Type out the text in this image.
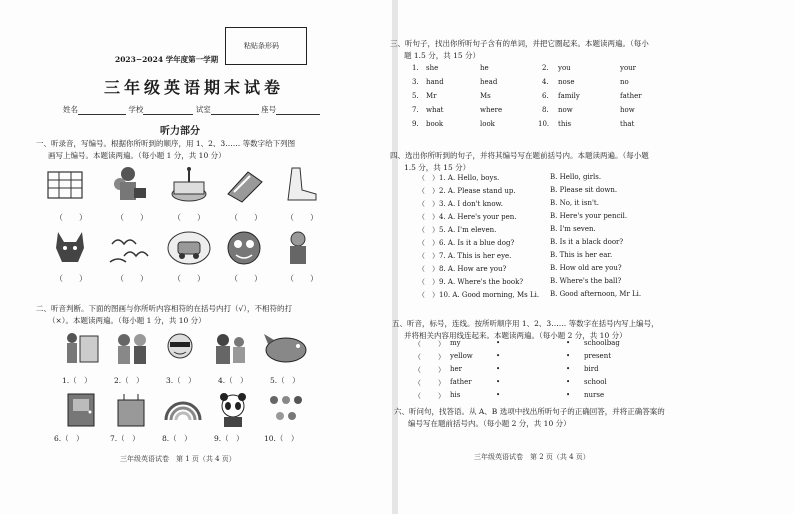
粘贴条形码
2023−2024 学年度第一学期
三年级英语期末试卷
姓名	学校	试室	座号
听力部分
一、听录音，写编号。根据你所听到的顺序，用 1、2、3…… 等数字给下列图
画写上编号。本题读两遍。（每小题 1 分，共 10 分）
（　　）	（　　）	（　　）	（　　）	（　　）
（　　）	（　　）	（　　）	（　　）	（　　）
二、听音判断。下面的图画与你所听内容相符的在括号内打（√），不相符的打
（×）。本题读两遍。（每小题 1 分，共 10 分）
1.（　）	2.（　）	3.（　）	4.（　）	5.（　）
6.（　）	7.（　）	8.（　）	9.（　）	10.（　）
三年级英语试卷　第 1 页（共 4 页）
三、听句子，找出你所听句子含有的单词，并把它圈起来。本题读两遍。（每小
题 1.5 分，共 15 分）
1. she	he	2. you	your
3. hand	head	4. nose	no
5. Mr	Ms	6. family	father
7. what	where	8. now	how
9. book	look	10. this	that
四、选出你所听到的句子，并将其编号写在题前括号内。本题读两遍。（每小题
1.5 分，共 15 分）
（ ）1. A. Hello, boys.	B. Hello, girls.
（ ）2. A. Please stand up.	B. Please sit down.
（ ）3. A. I don't know.	B. No, it isn't.
（ ）4. A. Here's your pen.	B. Here's your pencil.
（ ）5. A. I'm eleven.	B. I'm seven.
（ ）6. A. Is it a blue dog?	B. Is it a black door?
（ ）7. A. This is her eye.	B. This is her ear.
（ ）8. A. How are you?	B. How old are you?
（ ）9. A. Where's the book?	B. Where's the ball?
（ ）10. A. Good morning, Ms Li. B. Good afternoon, Mr Li.
五、听音，标号，连线。按所听顺序用 1、2、3…… 等数字在括号内写上编号，
并将相关内容用线连起来。本题读两遍。（每小题 2 分，共 10 分）
（ ） my	•	• schoolbag
（ ） yellow	•	• present
（ ） her	•	• bird
（ ） father	•	• school
（ ） his	•	• nurse
六、听问句，找答语。从 A、B 选项中找出所听句子的正确回答，并将正确答案的
编号写在题前括号内。（每小题 2 分，共 10 分）
三年级英语试卷　第 2 页（共 4 页）
